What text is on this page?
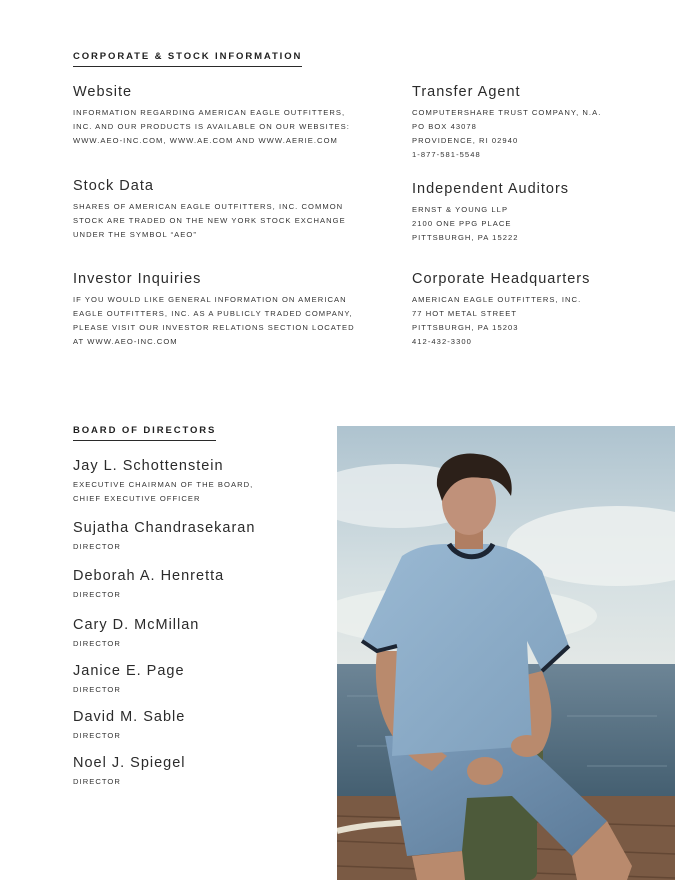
CORPORATE & STOCK INFORMATION
Website
INFORMATION REGARDING AMERICAN EAGLE OUTFITTERS,
INC. AND OUR PRODUCTS IS AVAILABLE ON OUR WEBSITES:
WWW.AEO-INC.COM, WWW.AE.COM AND WWW.AERIE.COM
Transfer Agent
COMPUTERSHARE TRUST COMPANY, N.A.
PO BOX 43078
PROVIDENCE, RI 02940
1-877-581-5548
Stock Data
SHARES OF AMERICAN EAGLE OUTFITTERS, INC. COMMON
STOCK ARE TRADED ON THE NEW YORK STOCK EXCHANGE
UNDER THE SYMBOL “AEO”
Independent Auditors
ERNST & YOUNG LLP
2100 ONE PPG PLACE
PITTSBURGH, PA 15222
Investor Inquiries
IF YOU WOULD LIKE GENERAL INFORMATION ON AMERICAN
EAGLE OUTFITTERS, INC. AS A PUBLICLY TRADED COMPANY,
PLEASE VISIT OUR INVESTOR RELATIONS SECTION LOCATED
AT WWW.AEO-INC.COM
Corporate Headquarters
AMERICAN EAGLE OUTFITTERS, INC.
77 HOT METAL STREET
PITTSBURGH, PA 15203
412-432-3300
BOARD OF DIRECTORS
Jay L. Schottenstein
EXECUTIVE CHAIRMAN OF THE BOARD,
CHIEF EXECUTIVE OFFICER
Sujatha Chandrasekaran
DIRECTOR
Deborah A. Henretta
DIRECTOR
Cary D. McMillan
DIRECTOR
Janice E. Page
DIRECTOR
David M. Sable
DIRECTOR
Noel J. Spiegel
DIRECTOR
